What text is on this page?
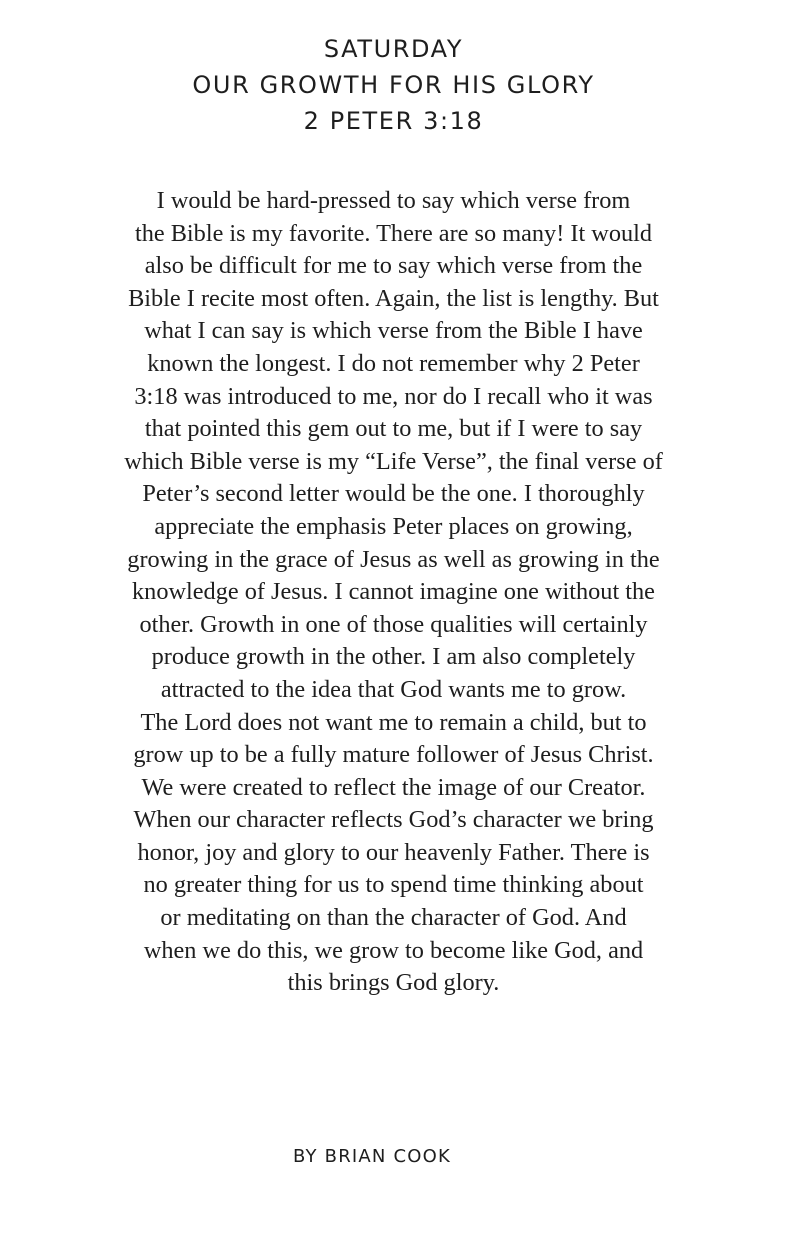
SATURDAY
OUR GROWTH FOR HIS GLORY
2 PETER 3:18
I would be hard-pressed to say which verse from
the Bible is my favorite. There are so many! It would
also be difficult for me to say which verse from the
Bible I recite most often. Again, the list is lengthy. But
what I can say is which verse from the Bible I have
known the longest. I do not remember why 2 Peter
3:18 was introduced to me, nor do I recall who it was
that pointed this gem out to me, but if I were to say
which Bible verse is my “Life Verse”, the final verse of
Peter’s second letter would be the one. I thoroughly
appreciate the emphasis Peter places on growing,
growing in the grace of Jesus as well as growing in the
knowledge of Jesus. I cannot imagine one without the
other. Growth in one of those qualities will certainly
produce growth in the other. I am also completely
attracted to the idea that God wants me to grow.
The Lord does not want me to remain a child, but to
grow up to be a fully mature follower of Jesus Christ.
We were created to reflect the image of our Creator.
When our character reflects God’s character we bring
honor, joy and glory to our heavenly Father. There is
no greater thing for us to spend time thinking about
or meditating on than the character of God. And
when we do this, we grow to become like God, and
this brings God glory.
BY BRIAN COOK
